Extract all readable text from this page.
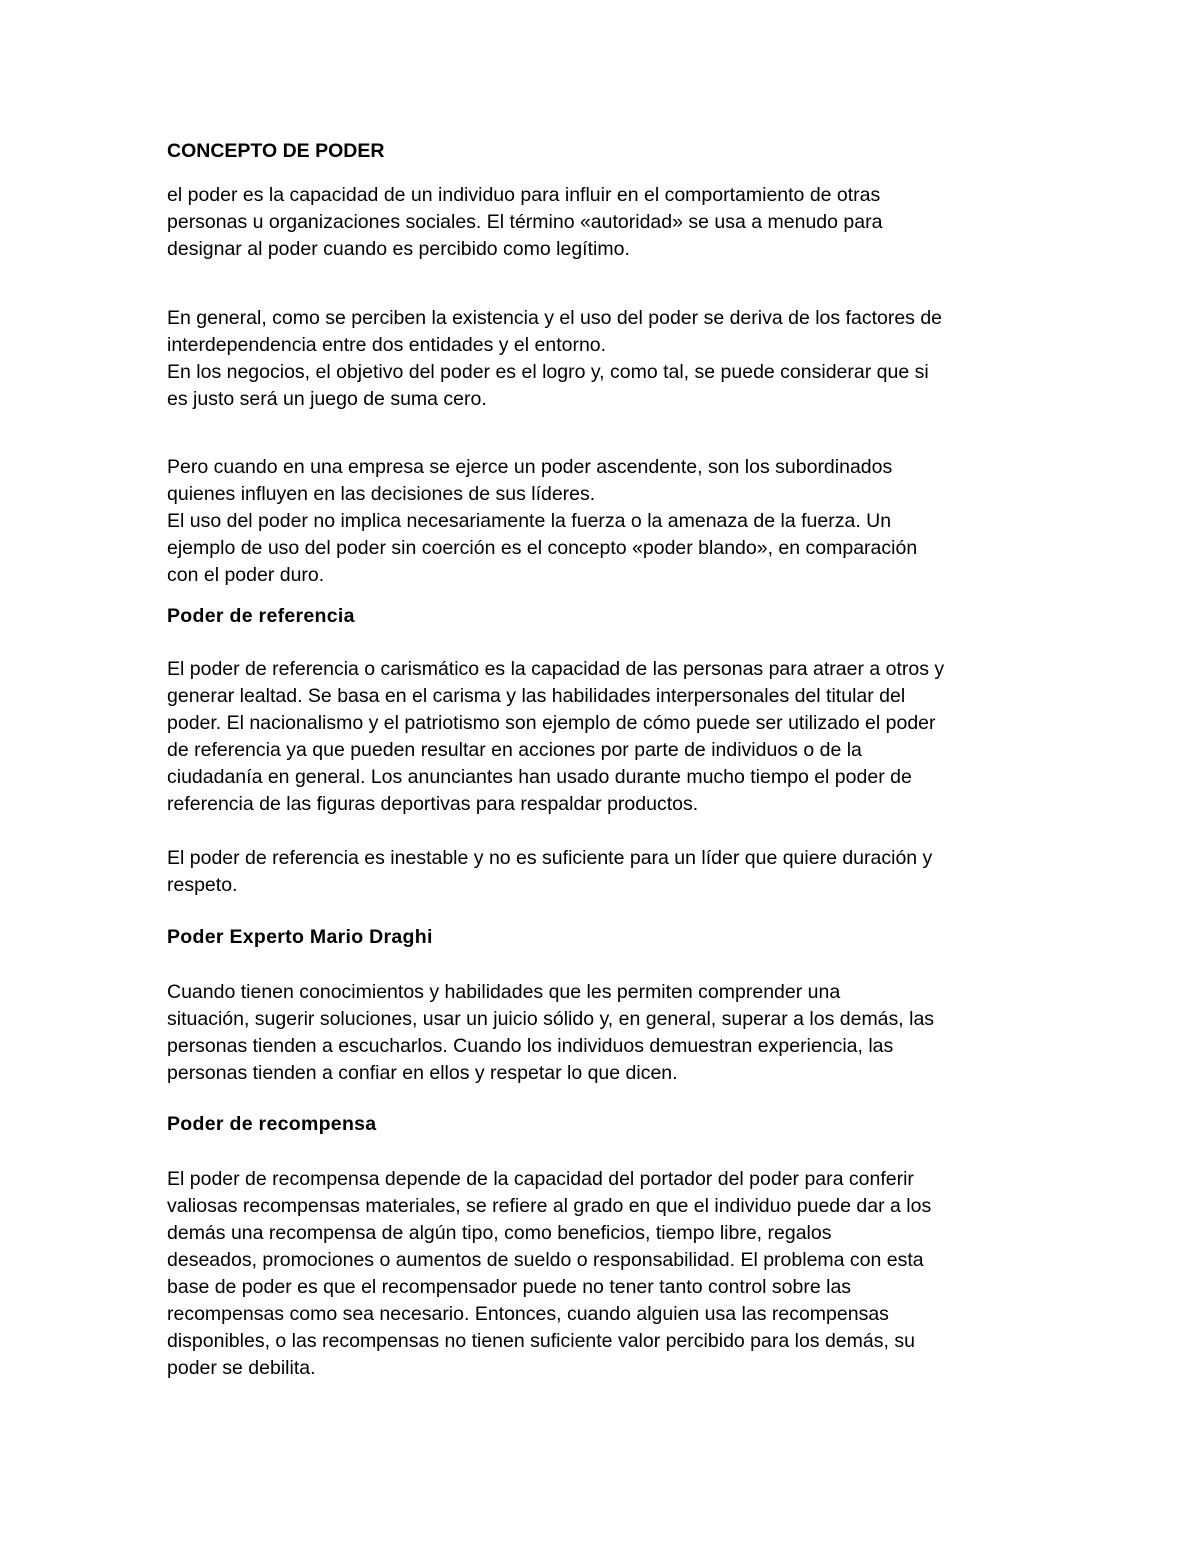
CONCEPTO DE PODER

el poder es la capacidad de un individuo para influir en el comportamiento de otras

personas u organizaciones sociales. El término «autoridad» se usa a menudo para

designar al poder cuando es percibido como legítimo.

En general, como se perciben la existencia y el uso del poder se deriva de los factores de

interdependencia entre dos entidades y el entorno.

En los negocios, el objetivo del poder es el logro y, como tal, se puede considerar que si

es justo será un juego de suma cero.

Pero cuando en una empresa se ejerce un poder ascendente, son los subordinados

quienes influyen en las decisiones de sus líderes.

El uso del poder no implica necesariamente la fuerza o la amenaza de la fuerza. Un

ejemplo de uso del poder sin coerción es el concepto «poder blando», en comparación

con el poder duro.

Poder de referencia

El poder de referencia o carismático es la capacidad de las personas para atraer a otros y

generar lealtad. Se basa en el carisma y las habilidades interpersonales del titular del

poder. El nacionalismo y el patriotismo son ejemplo de cómo puede ser utilizado el poder

de referencia ya que pueden resultar en acciones por parte de individuos o de la

ciudadanía en general. Los anunciantes han usado durante mucho tiempo el poder de

referencia de las figuras deportivas para respaldar productos.

El poder de referencia es inestable y no es suficiente para un líder que quiere duración y

respeto.

Poder Experto Mario Draghi

Cuando tienen conocimientos y habilidades que les permiten comprender una

situación, sugerir soluciones, usar un juicio sólido y, en general, superar a los demás, las

personas tienden a escucharlos. Cuando los individuos demuestran experiencia, las

personas tienden a confiar en ellos y respetar lo que dicen.

Poder de recompensa

El poder de recompensa depende de la capacidad del portador del poder para conferir

valiosas recompensas materiales, se refiere al grado en que el individuo puede dar a los

demás una recompensa de algún tipo, como beneficios, tiempo libre, regalos

deseados, promociones o aumentos de sueldo o responsabilidad. El problema con esta

base de poder es que el recompensador puede no tener tanto control sobre las

recompensas como sea necesario. Entonces, cuando alguien usa las recompensas

disponibles, o las recompensas no tienen suficiente valor percibido para los demás, su

poder se debilita.
